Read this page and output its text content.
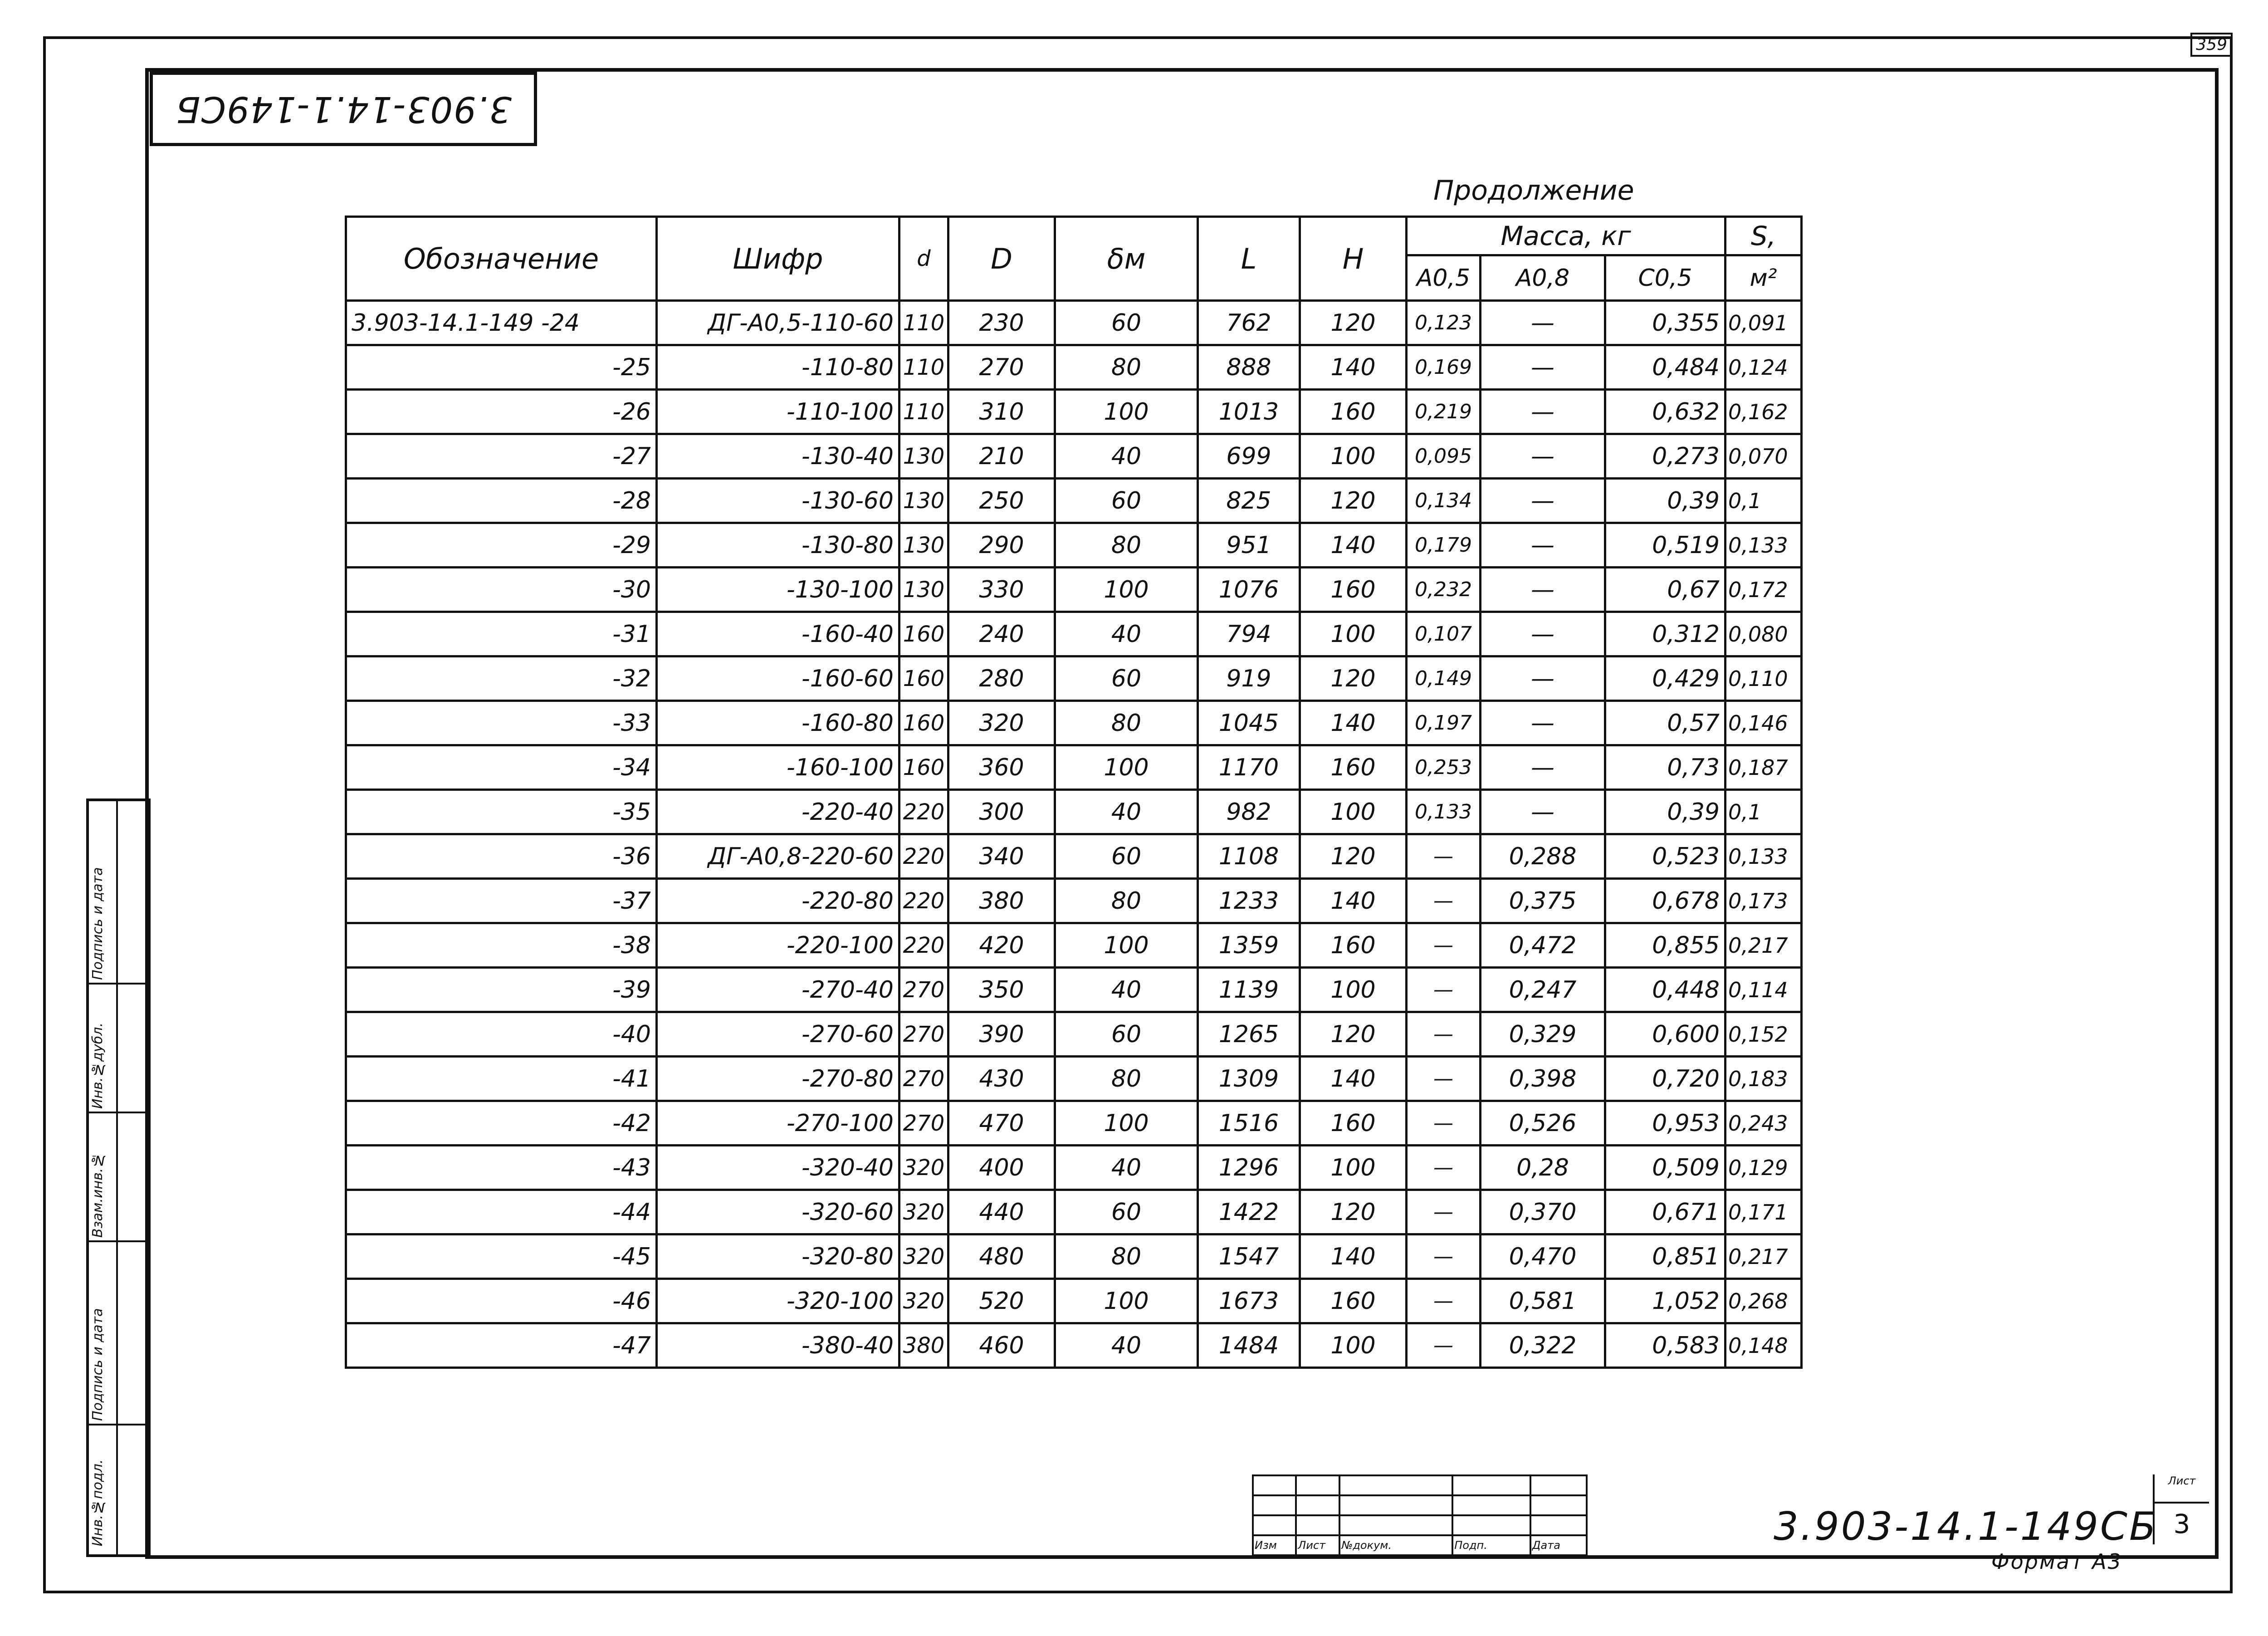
359
3.903-14.1-149СБ
Подпись и дата
Инв.№дубл.
Взам.инв.№
Подпись и дата
Инв.№подл.
Продолжение
Обозначение	Шифр	d	D	δм	L	H	Масса, кг			S,
							А0,5	А0,8	С0,5	м²
3.903-14.1-149 -24	ДГ-А0,5-110-60	110	230	60	762	120	0,123	—	0,355	0,091
-25	-110-80	110	270	80	888	140	0,169	—	0,484	0,124
-26	-110-100	110	310	100	1013	160	0,219	—	0,632	0,162
-27	-130-40	130	210	40	699	100	0,095	—	0,273	0,070
-28	-130-60	130	250	60	825	120	0,134	—	0,39	0,1
-29	-130-80	130	290	80	951	140	0,179	—	0,519	0,133
-30	-130-100	130	330	100	1076	160	0,232	—	0,67	0,172
-31	-160-40	160	240	40	794	100	0,107	—	0,312	0,080
-32	-160-60	160	280	60	919	120	0,149	—	0,429	0,110
-33	-160-80	160	320	80	1045	140	0,197	—	0,57	0,146
-34	-160-100	160	360	100	1170	160	0,253	—	0,73	0,187
-35	-220-40	220	300	40	982	100	0,133	—	0,39	0,1
-36	ДГ-А0,8-220-60	220	340	60	1108	120	—	0,288	0,523	0,133
-37	-220-80	220	380	80	1233	140	—	0,375	0,678	0,173
-38	-220-100	220	420	100	1359	160	—	0,472	0,855	0,217
-39	-270-40	270	350	40	1139	100	—	0,247	0,448	0,114
-40	-270-60	270	390	60	1265	120	—	0,329	0,600	0,152
-41	-270-80	270	430	80	1309	140	—	0,398	0,720	0,183
-42	-270-100	270	470	100	1516	160	—	0,526	0,953	0,243
-43	-320-40	320	400	40	1296	100	—	0,28	0,509	0,129
-44	-320-60	320	440	60	1422	120	—	0,370	0,671	0,171
-45	-320-80	320	480	80	1547	140	—	0,470	0,851	0,217
-46	-320-100	320	520	100	1673	160	—	0,581	1,052	0,268
-47	-380-40	380	460	40	1484	100	—	0,322	0,583	0,148

Изм	Лист	№докум.	Подп.	Дата	3.903-14.1-149СБ
Лист
3
Формат А3
